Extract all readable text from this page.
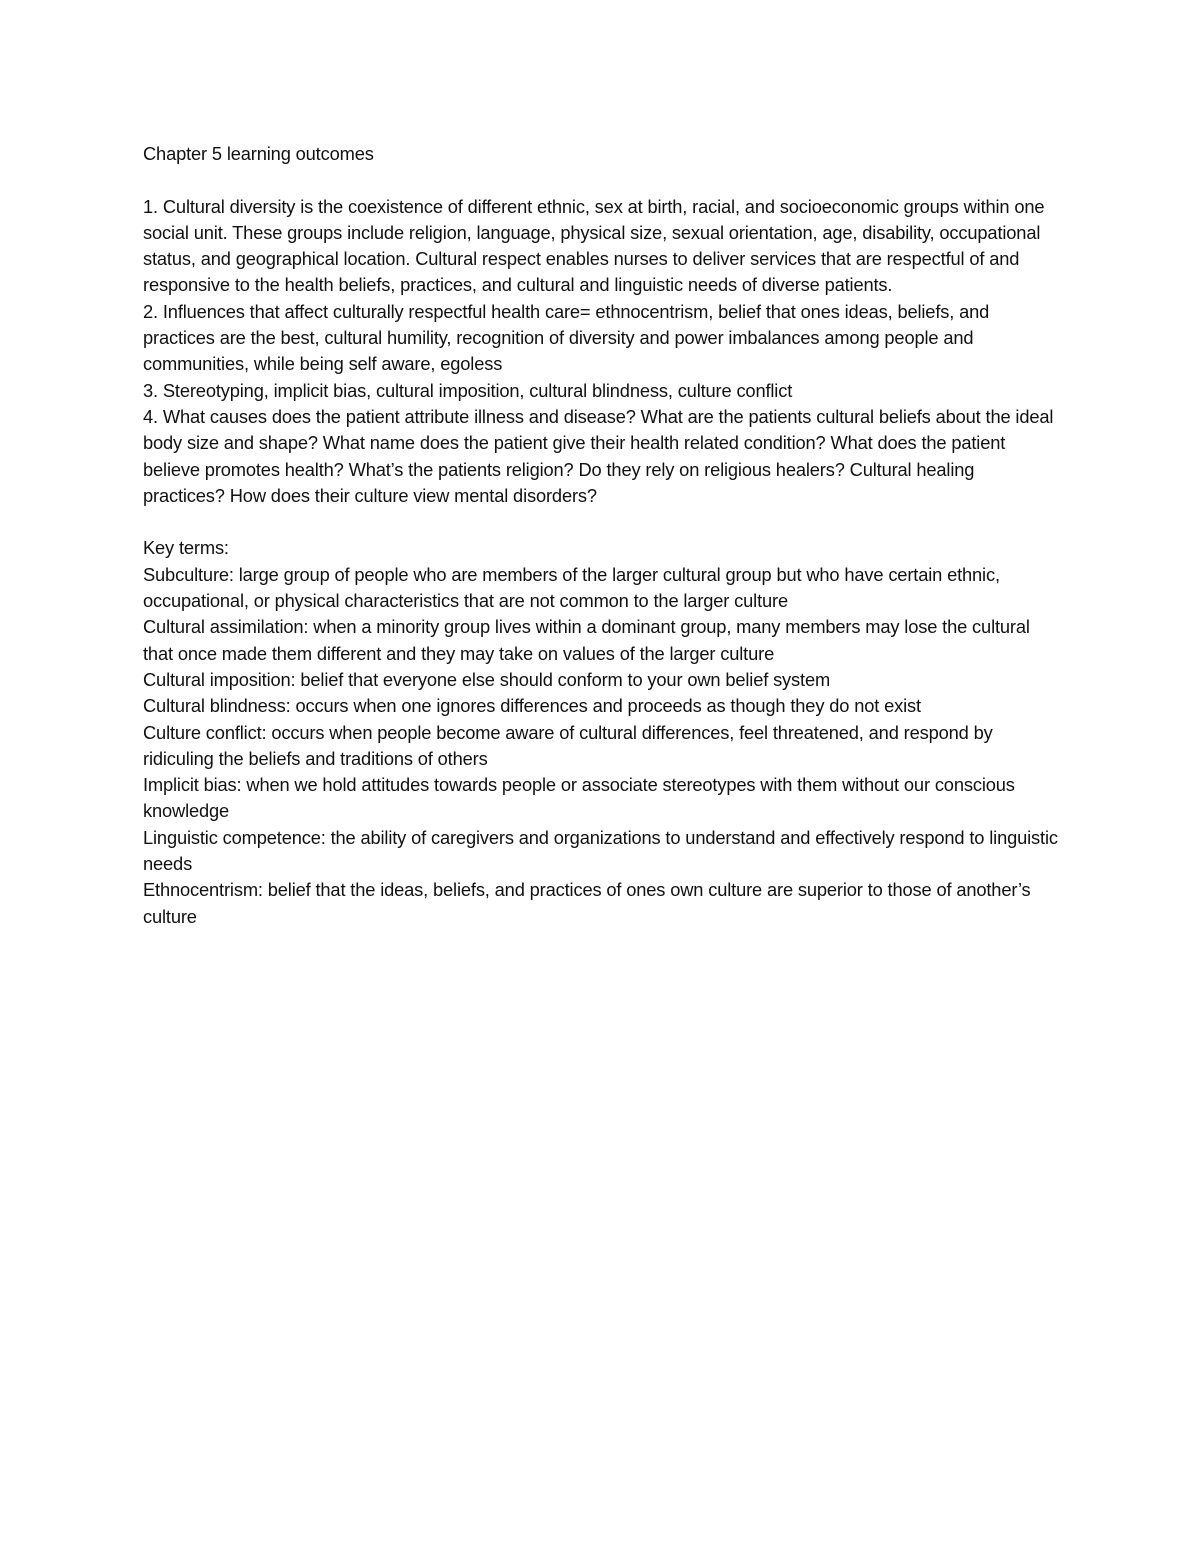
Chapter 5 learning outcomes

1. Cultural diversity is the coexistence of different ethnic, sex at birth, racial, and socioeconomic groups within one social unit. These groups include religion, language, physical size, sexual orientation, age, disability, occupational status, and geographical location. Cultural respect enables nurses to deliver services that are respectful of and responsive to the health beliefs, practices, and cultural and linguistic needs of diverse patients.

2. Influences that affect culturally respectful health care= ethnocentrism, belief that ones ideas, beliefs, and practices are the best, cultural humility, recognition of diversity and power imbalances among people and communities, while being self aware, egoless

3. Stereotyping, implicit bias, cultural imposition, cultural blindness, culture conflict

4. What causes does the patient attribute illness and disease? What are the patients cultural beliefs about the ideal body size and shape? What name does the patient give their health related condition? What does the patient believe promotes health? What’s the patients religion? Do they rely on religious healers? Cultural healing practices? How does their culture view mental disorders?

Key terms:

Subculture: large group of people who are members of the larger cultural group but who have certain ethnic, occupational, or physical characteristics that are not common to the larger culture

Cultural assimilation: when a minority group lives within a dominant group, many members may lose the cultural that once made them different and they may take on values of the larger culture

Cultural imposition: belief that everyone else should conform to your own belief system

Cultural blindness: occurs when one ignores differences and proceeds as though they do not exist

Culture conflict: occurs when people become aware of cultural differences, feel threatened, and respond by ridiculing the beliefs and traditions of others

Implicit bias: when we hold attitudes towards people or associate stereotypes with them without our conscious knowledge

Linguistic competence: the ability of caregivers and organizations to understand and effectively respond to linguistic needs

Ethnocentrism: belief that the ideas, beliefs, and practices of ones own culture are superior to those of another’s culture
